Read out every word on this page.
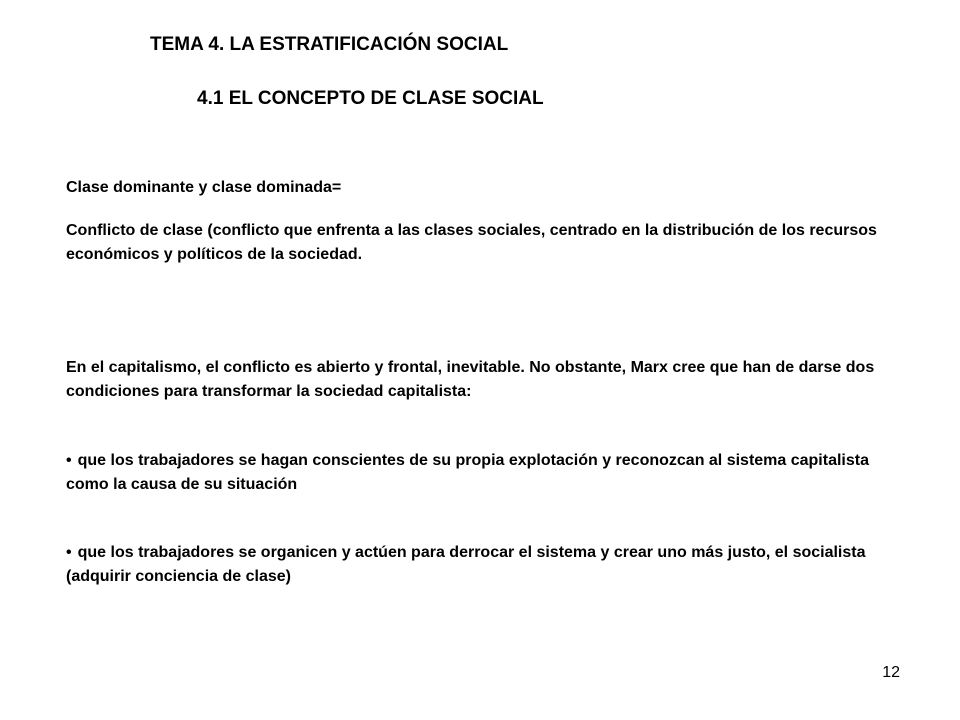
TEMA 4. LA ESTRATIFICACIÓN SOCIAL
4.1 EL CONCEPTO DE CLASE SOCIAL

Clase dominante y clase dominada=

Conflicto de clase (conflicto que enfrenta a las clases sociales, centrado en la distribución de los recursos económicos y políticos de la sociedad.

En el capitalismo, el conflicto es abierto y frontal, inevitable. No obstante, Marx cree que han de darse dos condiciones para transformar la sociedad capitalista:

• que los trabajadores se hagan conscientes de su propia explotación y reconozcan al sistema capitalista como la causa de su situación

• que los trabajadores se organicen y actúen para derrocar el sistema y crear uno más justo, el socialista (adquirir conciencia de clase)

12
